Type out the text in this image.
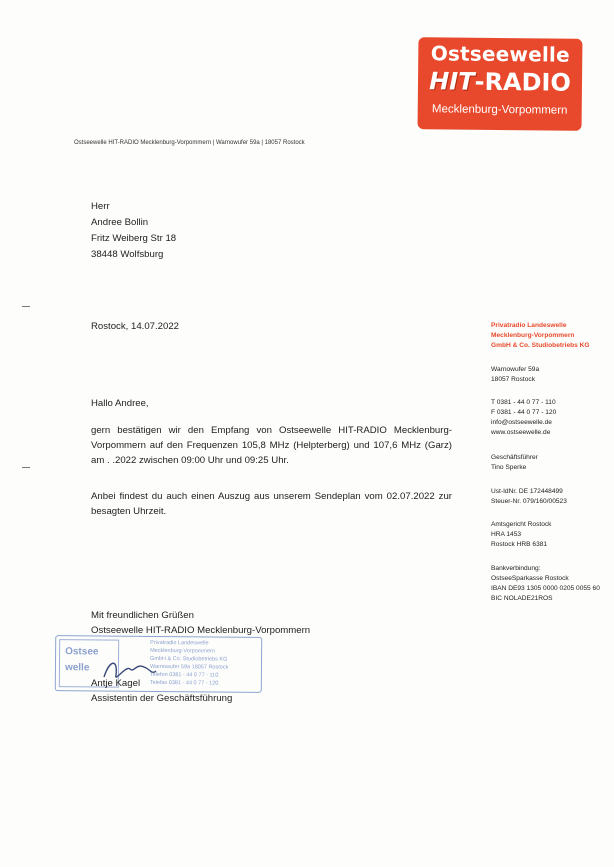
Ostseewelle
HIT-RADIO
Mecklenburg-Vorpommern
Ostseewelle HIT-RADIO Mecklenburg-Vorpommern | Warnowufer 59a | 18057 Rostock
Herr
Andree Bollin
Fritz Weiberg Str 18
38448 Wolfsburg
Rostock, 14.07.2022
Hallo Andree,
gern bestätigen wir den Empfang von Ostseewelle HIT-RADIO Mecklenburg-Vorpommern auf den Frequenzen 105,8 MHz (Helpterberg) und 107,6 MHz (Garz) am . .2022 zwischen 09:00 Uhr und 09:25 Uhr.
Anbei findest du auch einen Auszug aus unserem Sendeplan vom 02.07.2022 zur besagten Uhrzeit.
Ostsee
welle
Privatradio Landeswelle
Mecklenburg-Vorpommern
GmbH & Co. Studiobetriebs KG
Warnowufer 59a 18057 Rostock
Telefon 0381 - 44 0 77 - 110
Telefax 0381 - 44 0 77 - 120
Mit freundlichen Grüßen
Ostseewelle HIT-RADIO Mecklenburg-Vorpommern
Antje Kagel
Assistentin der Geschäftsführung
Privatradio Landeswelle
Mecklenburg-Vorpommern
GmbH & Co. Studiobetriebs KG
Warnowufer 59a
18057 Rostock
T 0381 - 44 0 77 - 110
F 0381 - 44 0 77 - 120
info@ostseewelle.de
www.ostseewelle.de
Geschäftsführer
Tino Sperke
Ust-IdNr. DE 172448499
Steuer-Nr. 079/160/00523
Amtsgericht Rostock
HRA 1453
Rostock HRB 6381
Bankverbindung:
OstseeSparkasse Rostock
IBAN DE93 1305 0000 0205 0055 60
BIC NOLADE21ROS
